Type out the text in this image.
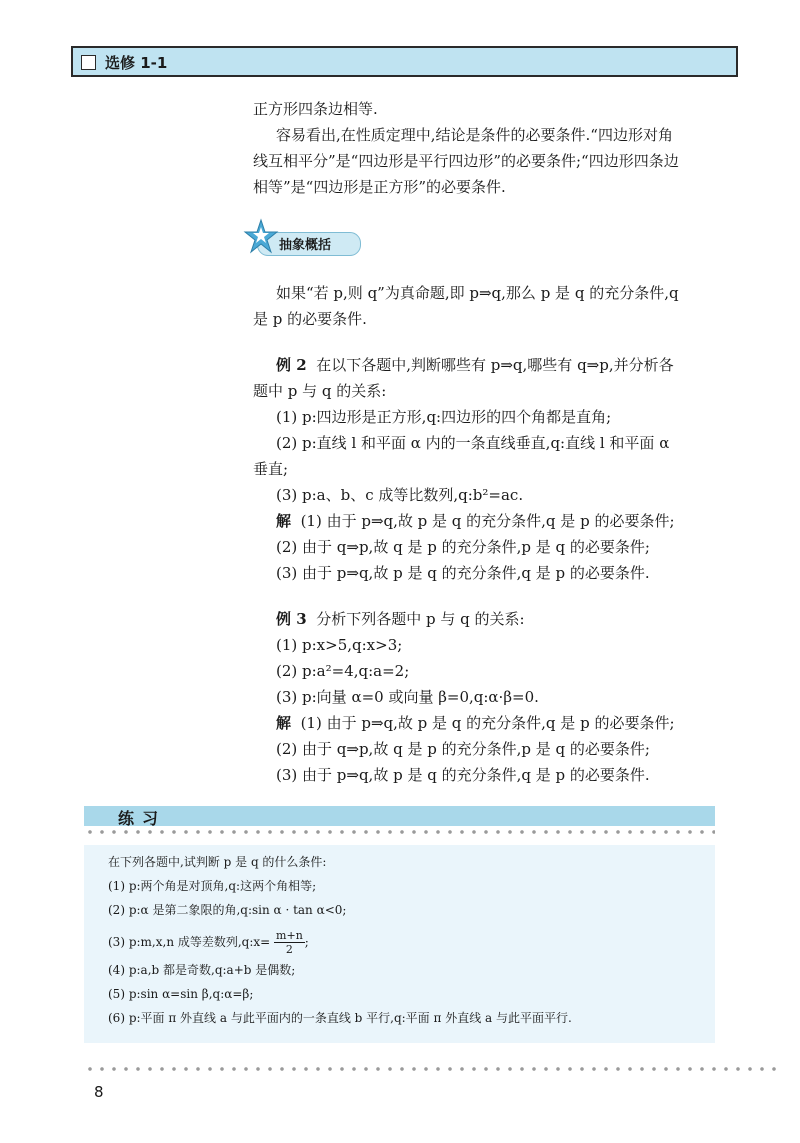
选修 1-1
正方形四条边相等.
容易看出,在性质定理中,结论是条件的必要条件.“四边形对角
线互相平分”是“四边形是平行四边形”的必要条件;“四边形四条边
相等”是“四边形是正方形”的必要条件.
抽象概括
如果“若 p,则 q”为真命题,即 p⇒q,那么 p 是 q 的充分条件,q
是 p 的必要条件.
例 2 在以下各题中,判断哪些有 p⇒q,哪些有 q⇒p,并分析各
题中 p 与 q 的关系:
(1) p:四边形是正方形,q:四边形的四个角都是直角;
(2) p:直线 l 和平面 α 内的一条直线垂直,q:直线 l 和平面 α
垂直;
(3) p:a、b、c 成等比数列,q:b²=ac.
解 (1) 由于 p⇒q,故 p 是 q 的充分条件,q 是 p 的必要条件;
(2) 由于 q⇒p,故 q 是 p 的充分条件,p 是 q 的必要条件;
(3) 由于 p⇒q,故 p 是 q 的充分条件,q 是 p 的必要条件.
例 3 分析下列各题中 p 与 q 的关系:
(1) p:x>5,q:x>3;
(2) p:a²=4,q:a=2;
(3) p:向量 α=0 或向量 β=0,q:α·β=0.
解 (1) 由于 p⇒q,故 p 是 q 的充分条件,q 是 p 的必要条件;
(2) 由于 q⇒p,故 q 是 p 的充分条件,p 是 q 的必要条件;
(3) 由于 p⇒q,故 p 是 q 的充分条件,q 是 p 的必要条件.
练习
在下列各题中,试判断 p 是 q 的什么条件:
(1) p:两个角是对顶角,q:这两个角相等;
(2) p:α 是第二象限的角,q:sin α · tan α<0;
(3) p:m,x,n 成等差数列,q:x= $\frac{m+n}{2}$ ;
(4) p:a,b 都是奇数,q:a+b 是偶数;
(5) p:sin α=sin β,q:α=β;
(6) p:平面 π 外直线 a 与此平面内的一条直线 b 平行,q:平面 π 外直线 a 与此平面平行.
8
